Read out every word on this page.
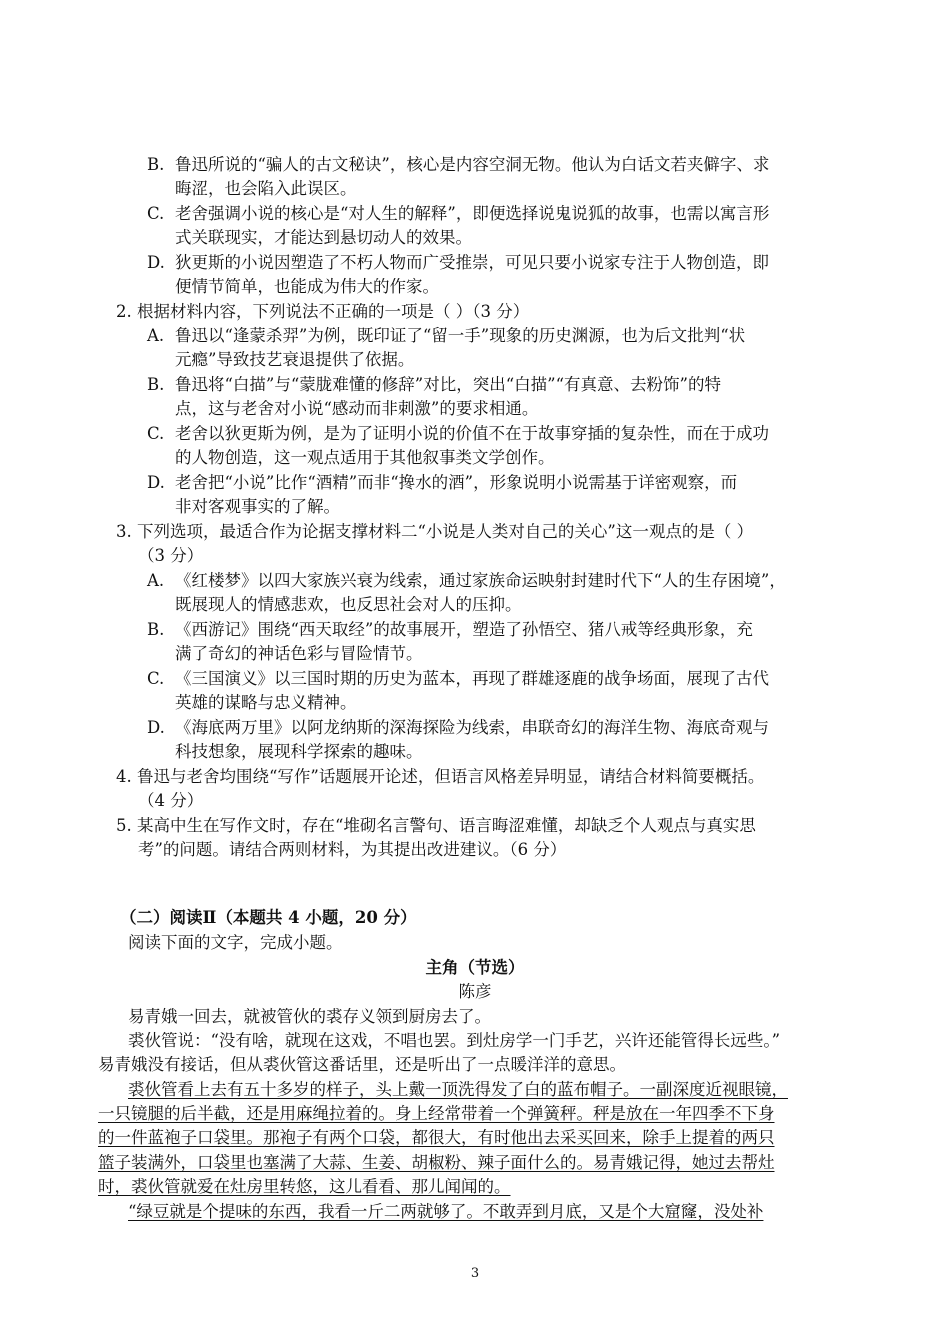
B. 鲁迅所说的“骗人的古文秘诀”，核心是内容空洞无物。他认为白话文若夹僻字、求
晦涩，也会陷入此误区。
C. 老舍强调小说的核心是“对人生的解释”，即便选择说鬼说狐的故事，也需以寓言形
式关联现实，才能达到悬切动人的效果。
D. 狄更斯的小说因塑造了不朽人物而广受推崇，可见只要小说家专注于人物创造，即
便情节简单，也能成为伟大的作家。
2. 根据材料内容，下列说法不正确的一项是（ ）（3 分）
A. 鲁迅以“逢蒙杀羿”为例，既印证了“留一手”现象的历史渊源，也为后文批判“状
元瘾”导致技艺衰退提供了依据。
B. 鲁迅将“白描”与“蒙胧难懂的修辞”对比，突出“白描”“有真意、去粉饰”的特
点，这与老舍对小说“感动而非刺激”的要求相通。
C. 老舍以狄更斯为例，是为了证明小说的价值不在于故事穿插的复杂性，而在于成功
的人物创造，这一观点适用于其他叙事类文学创作。
D. 老舍把“小说”比作“酒精”而非“搀水的酒”，形象说明小说需基于详密观察，而
非对客观事实的了解。
3. 下列选项，最适合作为论据支撑材料二“小说是人类对自己的关心”这一观点的是（ ）
（3 分）
A. 《红楼梦》以四大家族兴衰为线索，通过家族命运映射封建时代下“人的生存困境”，
既展现人的情感悲欢，也反思社会对人的压抑。
B. 《西游记》围绕“西天取经”的故事展开，塑造了孙悟空、猪八戒等经典形象，充
满了奇幻的神话色彩与冒险情节。
C. 《三国演义》以三国时期的历史为蓝本，再现了群雄逐鹿的战争场面，展现了古代
英雄的谋略与忠义精神。
D. 《海底两万里》以阿龙纳斯的深海探险为线索，串联奇幻的海洋生物、海底奇观与
科技想象，展现科学探索的趣味。
4. 鲁迅与老舍均围绕“写作”话题展开论述，但语言风格差异明显，请结合材料简要概括。
（4 分）
5. 某高中生在写作文时，存在“堆砌名言警句、语言晦涩难懂，却缺乏个人观点与真实思
考”的问题。请结合两则材料，为其提出改进建议。（6 分）
（二）阅读Ⅱ（本题共 4 小题，20 分）
阅读下面的文字，完成小题。
主角（节选）
陈彦
易青娥一回去，就被管伙的裘存义领到厨房去了。
裘伙管说：“没有啥，就现在这戏，不唱也罢。到灶房学一门手艺，兴许还能管得长远些。”
易青娥没有接话，但从裘伙管这番话里，还是听出了一点暖洋洋的意思。
裘伙管看上去有五十多岁的样子，头上戴一顶洗得发了白的蓝布帽子。一副深度近视眼镜，
一只镜腿的后半截，还是用麻绳拉着的。身上经常带着一个弹簧秤。秤是放在一年四季不下身
的一件蓝袍子口袋里。那袍子有两个口袋，都很大，有时他出去采买回来，除手上提着的两只
篮子装满外，口袋里也塞满了大蒜、生姜、胡椒粉、辣子面什么的。易青娥记得，她过去帮灶
时，裘伙管就爱在灶房里转悠，这儿看看、那儿闻闻的。
“绿豆就是个提味的东西，我看一斤二两就够了。不敢弄到月底，又是个大窟窿，没处补
3
